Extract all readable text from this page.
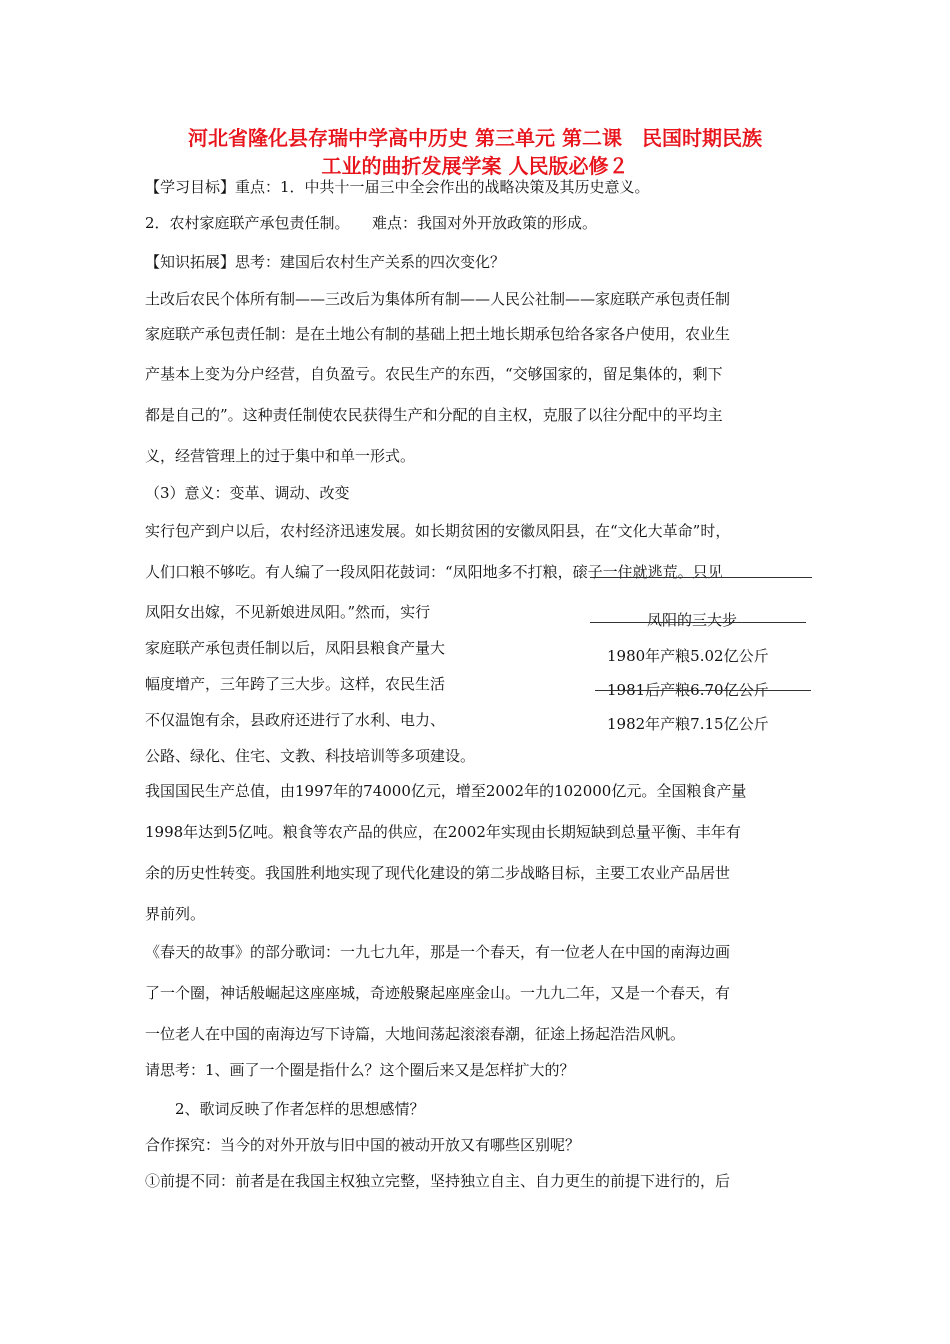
河北省隆化县存瑞中学高中历史 第三单元 第二课　民国时期民族
工业的曲折发展学案 人民版必修２

【学习目标】重点：1．中共十一届三中全会作出的战略决策及其历史意义。

2．农村家庭联产承包责任制。　　难点：我国对外开放政策的形成。

【知识拓展】思考：建国后农村生产关系的四次变化？

土改后农民个体所有制——三改后为集体所有制——人民公社制——家庭联产承包责任制

家庭联产承包责任制：是在土地公有制的基础上把土地长期承包给各家各户使用，农业生

产基本上变为分户经营，自负盈亏。农民生产的东西，“交够国家的，留足集体的，剩下

都是自己的”。这种责任制使农民获得生产和分配的自主权，克服了以往分配中的平均主

义，经营管理上的过于集中和单一形式。

（3）意义：变革、调动、改变

实行包产到户以后，农村经济迅速发展。如长期贫困的安徽凤阳县，在“文化大革命”时，

人们口粮不够吃。有人编了一段凤阳花鼓词：“凤阳地多不打粮，磙子一住就逃荒。只见

凤阳女出嫁，不见新娘进凤阳。”然而，实行

家庭联产承包责任制以后，凤阳县粮食产量大

幅度增产，三年跨了三大步。这样，农民生活

不仅温饱有余，县政府还进行了水利、电力、

公路、绿化、住宅、文教、科技培训等多项建设。

凤阳的三大步
1980年产粮5.02亿公斤
1981后产粮6.70亿公斤
1982年产粮7.15亿公斤

我国国民生产总值，由1997年的74000亿元，增至2002年的102000亿元。全国粮食产量

1998年达到5亿吨。粮食等农产品的供应，在2002年实现由长期短缺到总量平衡、丰年有

余的历史性转变。我国胜利地实现了现代化建设的第二步战略目标，主要工农业产品居世

界前列。

《春天的故事》的部分歌词：一九七九年，那是一个春天，有一位老人在中国的南海边画

了一个圈，神话般崛起这座座城，奇迹般聚起座座金山。一九九二年，又是一个春天，有

一位老人在中国的南海边写下诗篇，大地间荡起滚滚春潮，征途上扬起浩浩风帆。

请思考：1、画了一个圈是指什么？这个圈后来又是怎样扩大的？

　　2、歌词反映了作者怎样的思想感情？

合作探究：当今的对外开放与旧中国的被动开放又有哪些区别呢？

①前提不同：前者是在我国主权独立完整，坚持独立自主、自力更生的前提下进行的，后
